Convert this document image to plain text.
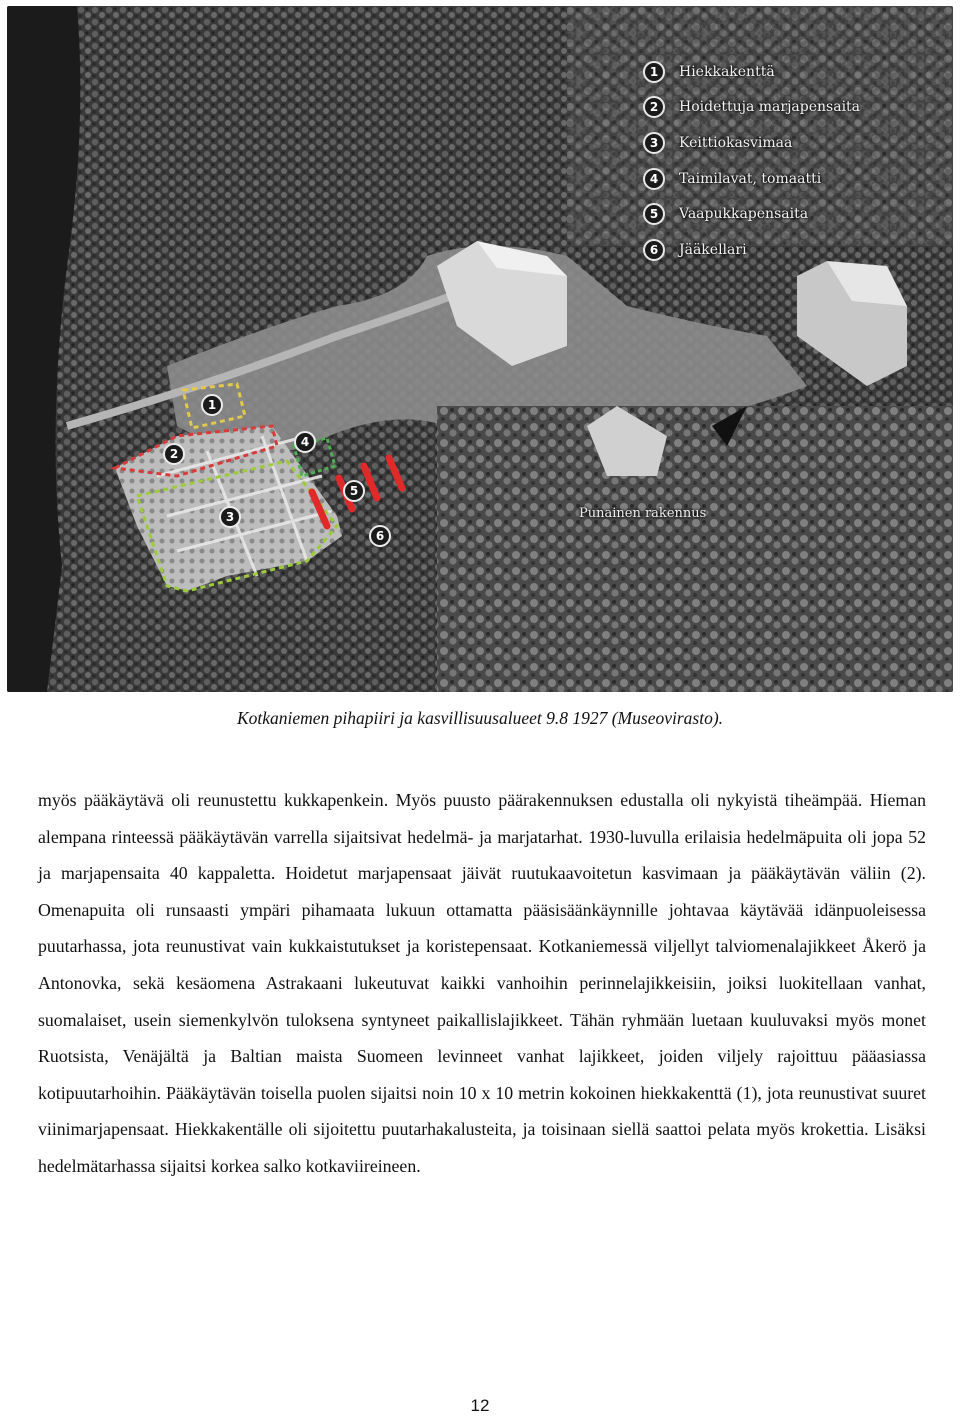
1	Hiekkakenttä
2	Hoidettuja marjapensaita
3	Keittiokasvimaa
4	Taimilavat, tomaatti
5	Vaapukkapensaita
6	Jääkellari
1
2
3
4
5
6
Punainen rakennus
Kotkaniemen pihapiiri ja kasvillisuusalueet 9.8 1927 (Museovirasto).

myös pääkäytävä oli reunustettu kukkapenkein. Myös puusto päärakennuksen edustalla oli nykyistä tiheämpää. Hieman alempana rinteessä pääkäytävän varrella sijaitsivat hedelmä- ja marjatarhat. 1930-luvulla erilaisia hedelmäpuita oli jopa 52 ja marjapensaita 40 kappaletta. Hoidetut marjapensaat jäivät ruutukaavoitetun kasvimaan ja pääkäytävän väliin (2). Omenapuita oli runsaasti ympäri pihamaata lukuun ottamatta pääsisäänkäynnille johtavaa käytävää idänpuoleisessa puutarhassa, jota reunustivat vain kukkaistutukset ja koristepensaat. Kotkaniemessä viljellyt talviomenalajikkeet Åkerö ja Antonovka, sekä kesäomena Astrakaani lukeutuvat kaikki vanhoihin perinnelajikkeisiin, joiksi luokitellaan vanhat, suomalaiset, usein siemenkylvön tuloksena syntyneet paikallislajikkeet. Tähän ryhmään luetaan kuuluvaksi myös monet Ruotsista, Venäjältä ja Baltian maista Suomeen levinneet vanhat lajikkeet, joiden viljely rajoittuu pääasiassa kotipuutarhoihin. Pääkäytävän toisella puolen sijaitsi noin 10 x 10 metrin kokoinen hiekkakenttä (1), jota reunustivat suuret viinimarjapensaat. Hiekkakentälle oli sijoitettu puutarhakalusteita, ja toisinaan siellä saattoi pelata myös krokettia. Lisäksi hedelmätarhassa sijaitsi korkea salko kotkaviireineen.

12
